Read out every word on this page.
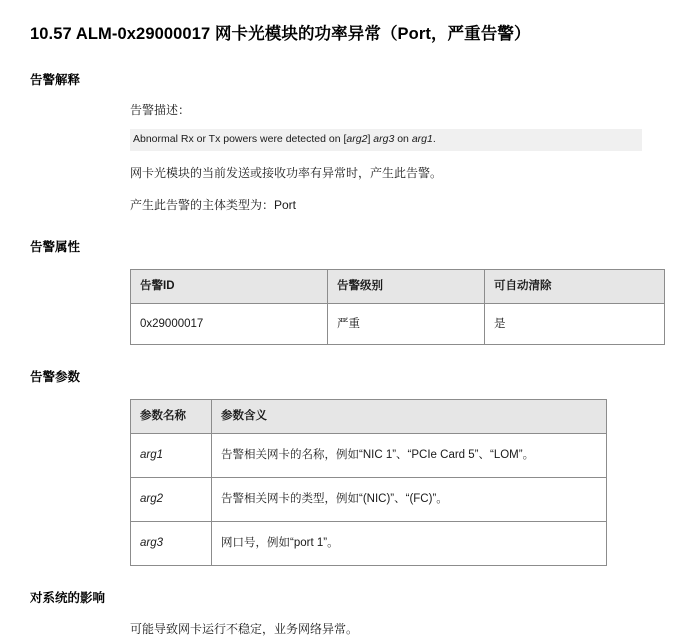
10.57 ALM-0x29000017 网卡光模块的功率异常（Port，严重告警）
告警解释
告警描述：
Abnormal Rx or Tx powers were detected on [arg2] arg3 on arg1.
网卡光模块的当前发送或接收功率有异常时，产生此告警。
产生此告警的主体类型为：Port
告警属性
告警ID	告警级别	可自动清除
0x29000017	严重	是
告警参数
参数名称	参数含义
arg1	告警相关网卡的名称，例如“NIC 1”、“PCIe Card 5”、“LOM”。
arg2	告警相关网卡的类型，例如“(NIC)”、“(FC)”。
arg3	网口号，例如“port 1”。
对系统的影响
可能导致网卡运行不稳定，业务网络异常。
